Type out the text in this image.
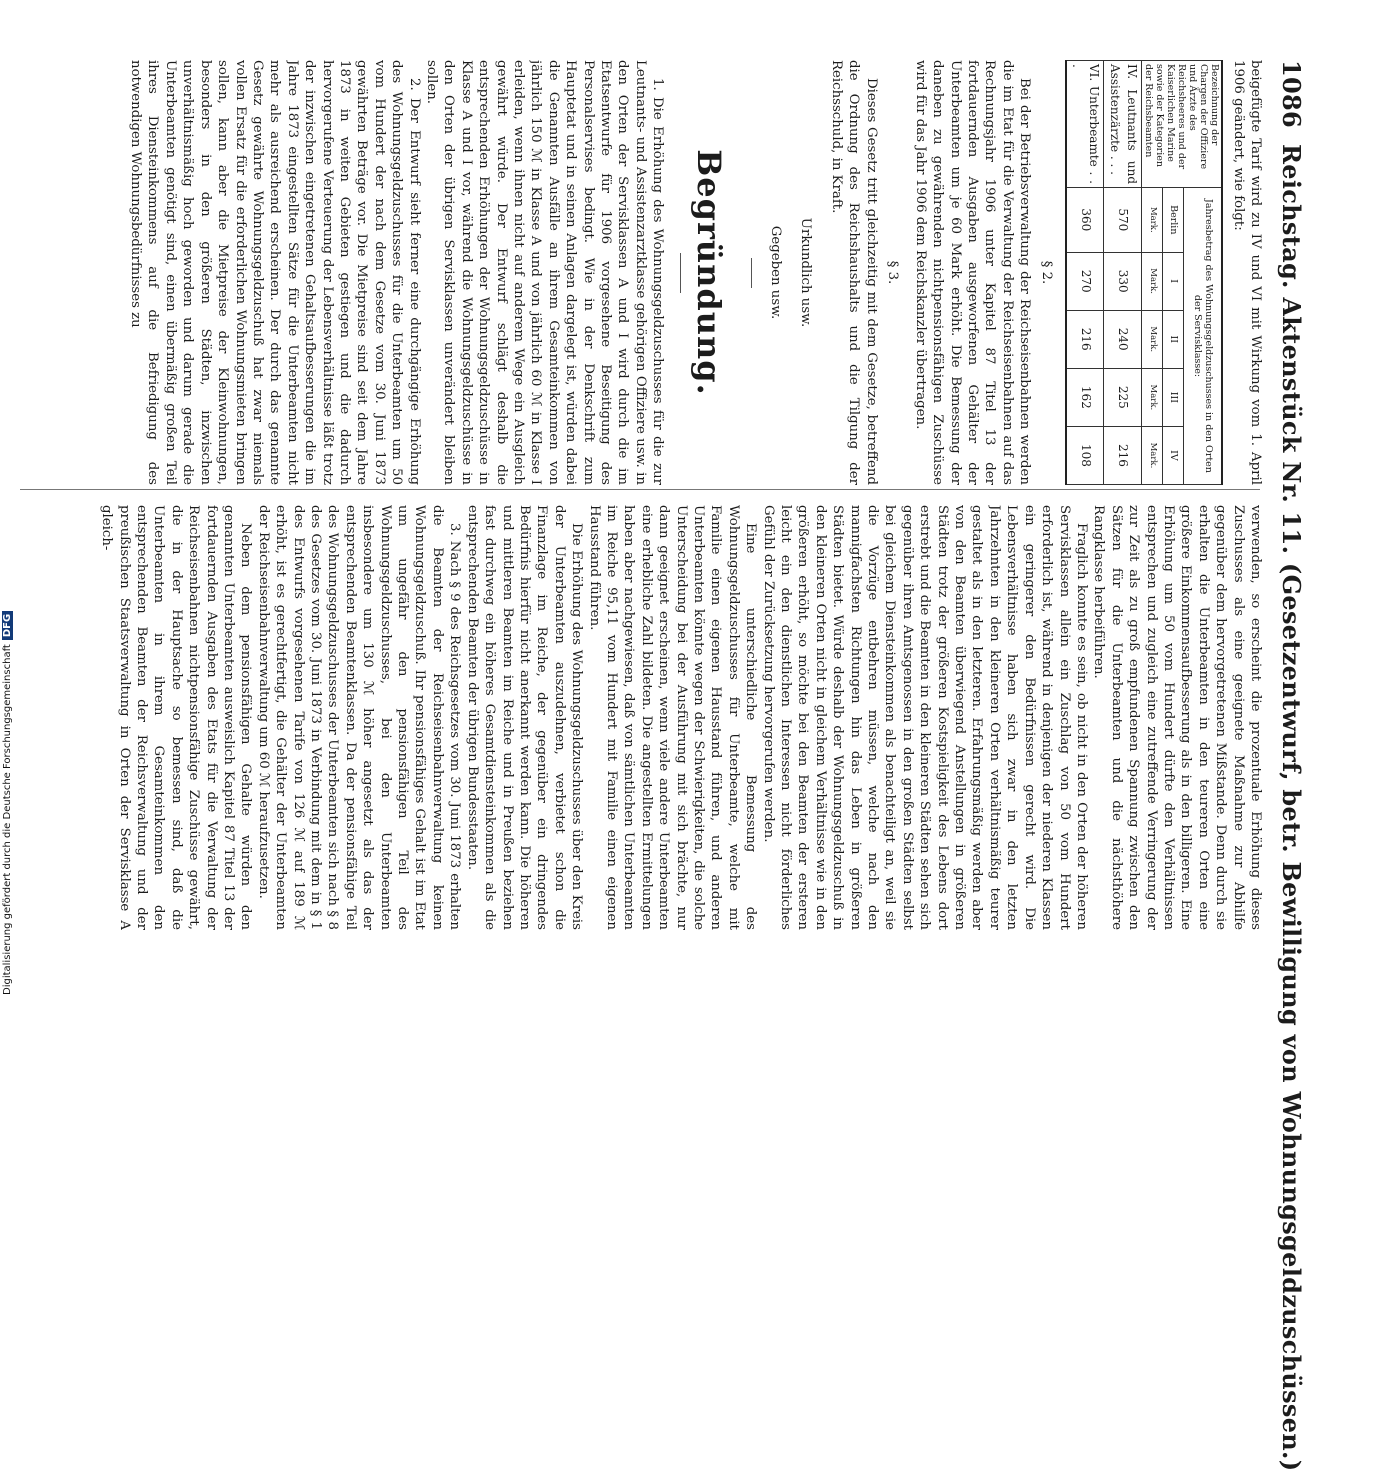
1086
Reichstag. Aktenstück Nr. 11. (Gesetzentwurf, betr. Bewilligung von Wohnungsgeldzuschüssen.)

beigefügte Tarif wird zu IV und VI mit Wirkung vom 1. April 1906 geändert, wie folgt:

Bezeichnung der Chargen der Offiziere und Ärzte des Reichsheeres und der Kaiserlichen Marine sowie der Kategorien der Reichsbeamten	Jahresbetrag des Wohnungsgeldzuschusses in den Orten der Servisklasse:				
	Berlin	I	II	III	IV
	Mark.	Mark.	Mark.	Mark.	Mark.
IV. Leutnants und Assistenzärzte . . .	570	330	240	225	216
VI. Unterbeamte . . .	360	270	216	162	108

§ 2.

Bei der Betriebsverwaltung der Reichseisenbahnen werden die im Etat für die Verwaltung der Reichseisenbahnen auf das Rechnungsjahr 1906 unter Kapitel 87 Titel 13 der fortdauernden Ausgaben ausgeworfenen Gehälter der Unterbeamten um je 60 Mark erhöht. Die Bemessung der daneben zu gewährenden nichtpensionsfähigen Zuschüsse wird für das Jahr 1906 dem Reichskanzler übertragen.

§ 3.

Dieses Gesetz tritt gleichzeitig mit dem Gesetze, betreffend die Ordnung des Reichshaushalts und die Tilgung der Reichsschuld, in Kraft.

Urkundlich usw.

Gegeben usw.

Begründung.

1. Die Erhöhung des Wohnungsgeldzuschusses für die zur Leutnants- und Assistenzarztklasse gehörigen Offiziere usw. in den Orten der Servisklassen A und I wird durch die im Etatsentwurfe für 1906 vorgesehene Beseitigung des Personalservises bedingt. Wie in der Denkschrift zum Hauptetat und in seinen Anlagen dargelegt ist, würden dabei die Genannten Ausfälle an ihrem Gesamteinkommen von jährlich 150 ℳ in Klasse A und von jährlich 60 ℳ in Klasse I erleiden, wenn ihnen nicht auf anderem Wege ein Ausgleich gewährt würde. Der Entwurf schlägt deshalb die entsprechenden Erhöhungen der Wohnungsgeldzuschüsse in Klasse A und I vor, während die Wohnungsgeldzuschüsse in den Orten der übrigen Servisklassen unverändert bleiben sollen.

2. Der Entwurf sieht ferner eine durchgängige Erhöhung des Wohnungsgeldzuschusses für die Unterbeamten um 50 vom Hundert der nach dem Gesetze vom 30. Juni 1873 gewährten Beträge vor. Die Mietpreise sind seit dem Jahre 1873 in weiten Gebieten gestiegen und die dadurch hervorgerufene Verteuerung der Lebensverhältnisse läßt trotz der inzwischen eingetretenen Gehaltsaufbesserungen die im Jahre 1873 eingestellten Sätze für die Unterbeamten nicht mehr als ausreichend erscheinen. Der durch das genannte Gesetz gewährte Wohnungsgeldzuschuß hat zwar niemals vollen Ersatz für die erforderlichen Wohnungsmieten bringen sollen, kann aber die Mietpreise der Kleinwohnungen, besonders in den größeren Städten, inzwischen unverhältnismäßig hoch geworden und darum gerade die Unterbeamten genötigt sind, einen übermäßig großen Teil ihres Diensteinkommens auf die Befriedigung des notwendigen Wohnungsbedürfnisses zu

verwenden, so erscheint die prozentuale Erhöhung dieses Zuschusses als eine geeignete Maßnahme zur Abhilfe gegenüber dem hervorgetretenen Mißstande. Denn durch sie erhalten die Unterbeamten in den teureren Orten eine größere Einkommensaufbesserung als in den billigeren. Eine Erhöhung um 50 vom Hundert dürfte den Verhältnissen entsprechen und zugleich eine zutreffende Verringerung der zur Zeit als zu groß empfundenen Spannung zwischen den Sätzen für die Unterbeamten und die nächsthöhere Rangklasse herbeiführen.

Fraglich konnte es sein, ob nicht in den Orten der höheren Servisklassen allein ein Zuschlag von 50 vom Hundert erforderlich ist, während in denjenigen der niederen Klassen ein geringerer den Bedürfnissen gerecht wird. Die Lebensverhältnisse haben sich zwar in den letzten Jahrzehnten in den kleineren Orten verhältnismäßig teurer gestaltet als in den letzteren. Erfahrungsmäßig werden aber von den Beamten überwiegend Anstellungen in größeren Städten trotz der größeren Kostspieligkeit des Lebens dort erstrebt und die Beamten in den kleineren Städten sehen sich gegenüber ihren Amtsgenossen in den großen Städten selbst bei gleichem Diensteinkommen als benachteiligt an, weil sie die Vorzüge entbehren müssen, welche nach den mannigfachsten Richtungen hin das Leben in größeren Städten bietet. Würde deshalb der Wohnungsgeldzuschuß in den kleineren Orten nicht in gleichem Verhältnisse wie in den größeren erhöht, so möchte bei den Beamten der ersteren leicht ein den dienstlichen Interessen nicht förderliches Gefühl der Zurücksetzung hervorgerufen werden.

Eine unterschiedliche Bemessung des Wohnungsgeldzuschusses für Unterbeamte, welche mit Familie einen eigenen Hausstand führen, und anderen Unterbeamten könnte wegen der Schwierigkeiten, die solche Unterscheidung bei der Ausführung mit sich brächte, nur dann geeignet erscheinen, wenn viele andere Unterbeamten eine erhebliche Zahl bildeten. Die angestellten Ermittelungen haben aber nachgewiesen, daß von sämtlichen Unterbeamten im Reiche 95,11 vom Hundert mit Familie einen eigenen Hausstand führen.

Die Erhöhung des Wohnungsgeldzuschusses über den Kreis der Unterbeamten auszudehnen, verbietet schon die Finanzlage im Reiche, der gegenüber ein dringendes Bedürfnis hierfür nicht anerkannt werden kann. Die höheren und mittleren Beamten im Reiche und in Preußen beziehen fast durchweg ein höheres Gesamtdiensteinkommen als die entsprechenden Beamten der übrigen Bundesstaaten.

3. Nach § 9 des Reichsgesetzes vom 30. Juni 1873 erhalten die Beamten der Reichseisenbahnverwaltung keinen Wohnungsgeldzuschuß. Ihr pensionsfähiges Gehalt ist im Etat um ungefähr den pensionsfähigen Teil des Wohnungsgeldzuschusses, bei den Unterbeamten insbesondere um 130 ℳ höher angesetzt als das der entsprechenden Beamtenklassen. Da der pensionsfähige Teil des Wohnungsgeldzuschusses der Unterbeamten sich nach § 8 des Gesetzes vom 30. Juni 1873 in Verbindung mit dem in § 1 des Entwurfs vorgesehenen Tarife von 126 ℳ auf 189 ℳ erhöht, ist es gerechtfertigt, die Gehälter der Unterbeamten der Reichseisenbahnverwaltung um 60 ℳ heraufzusetzen.

Neben dem pensionsfähigen Gehalte würden den genannten Unterbeamten ausweislich Kapitel 87 Titel 13 der fortdauernden Ausgaben des Etats für die Verwaltung der Reichseisenbahnen nichtpensionsfähige Zuschüsse gewährt, die in der Hauptsache so bemessen sind, daß die Unterbeamten in ihrem Gesamteinkommen den entsprechenden Beamten der Reichsverwaltung und der preußischen Staatsverwaltung in Orten der Servisklasse A gleich-

Digitalisierung gefördert durch die Deutsche ForschungsgemeinschaftDFG
